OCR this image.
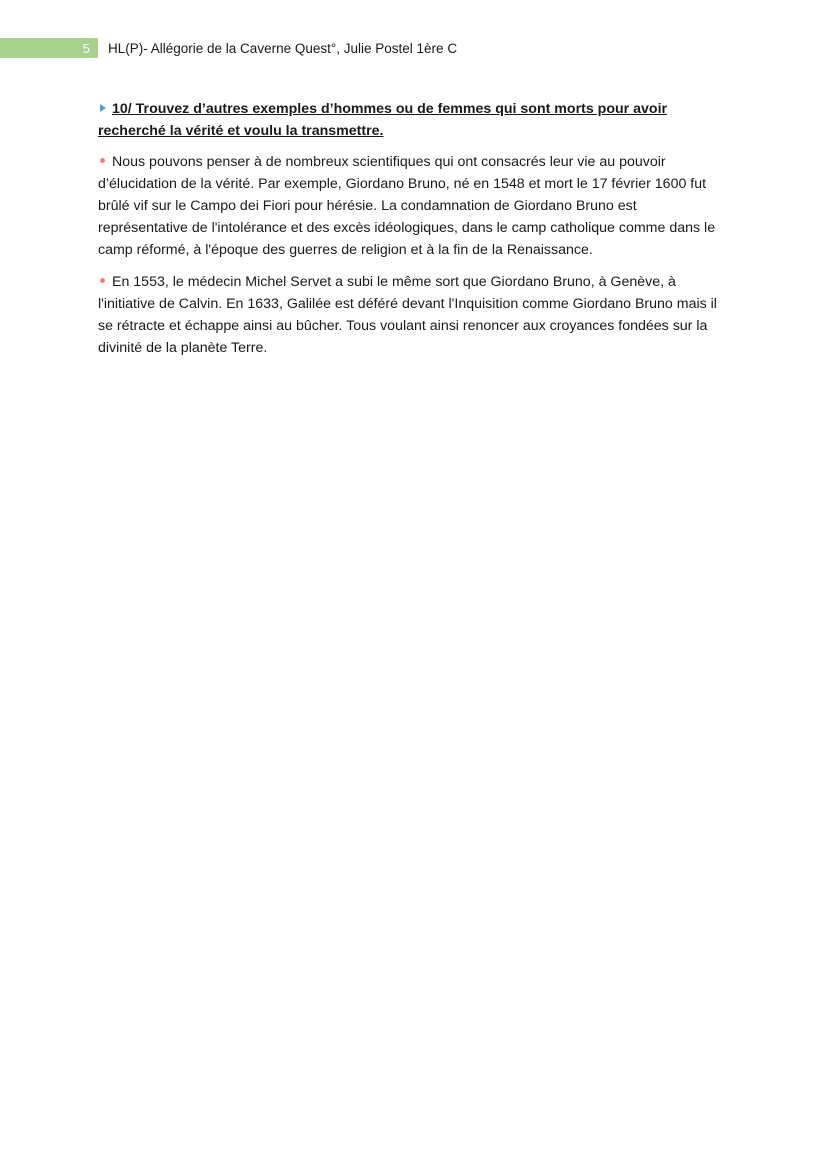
5	HL(P)- Allégorie de la Caverne Quest°, Julie Postel 1ère C

10/ Trouvez d’autres exemples d’hommes ou de femmes qui sont morts pour avoir recherché la vérité et voulu la transmettre.

Nous pouvons penser à de nombreux scientifiques qui ont consacrés leur vie au pouvoir d’élucidation de la vérité. Par exemple, Giordano Bruno, né en 1548 et mort le 17 février 1600 fut brûlé vif sur le Campo dei Fiori pour hérésie. La condamnation de Giordano Bruno est représentative de l'intolérance et des excès idéologiques, dans le camp catholique comme dans le camp réformé, à l'époque des guerres de religion et à la fin de la Renaissance.

En 1553, le médecin Michel Servet a subi le même sort que Giordano Bruno, à Genève, à l'initiative de Calvin. En 1633, Galilée est déféré devant l'Inquisition comme Giordano Bruno mais il se rétracte et échappe ainsi au bûcher. Tous voulant ainsi renoncer aux croyances fondées sur la divinité de la planète Terre.
